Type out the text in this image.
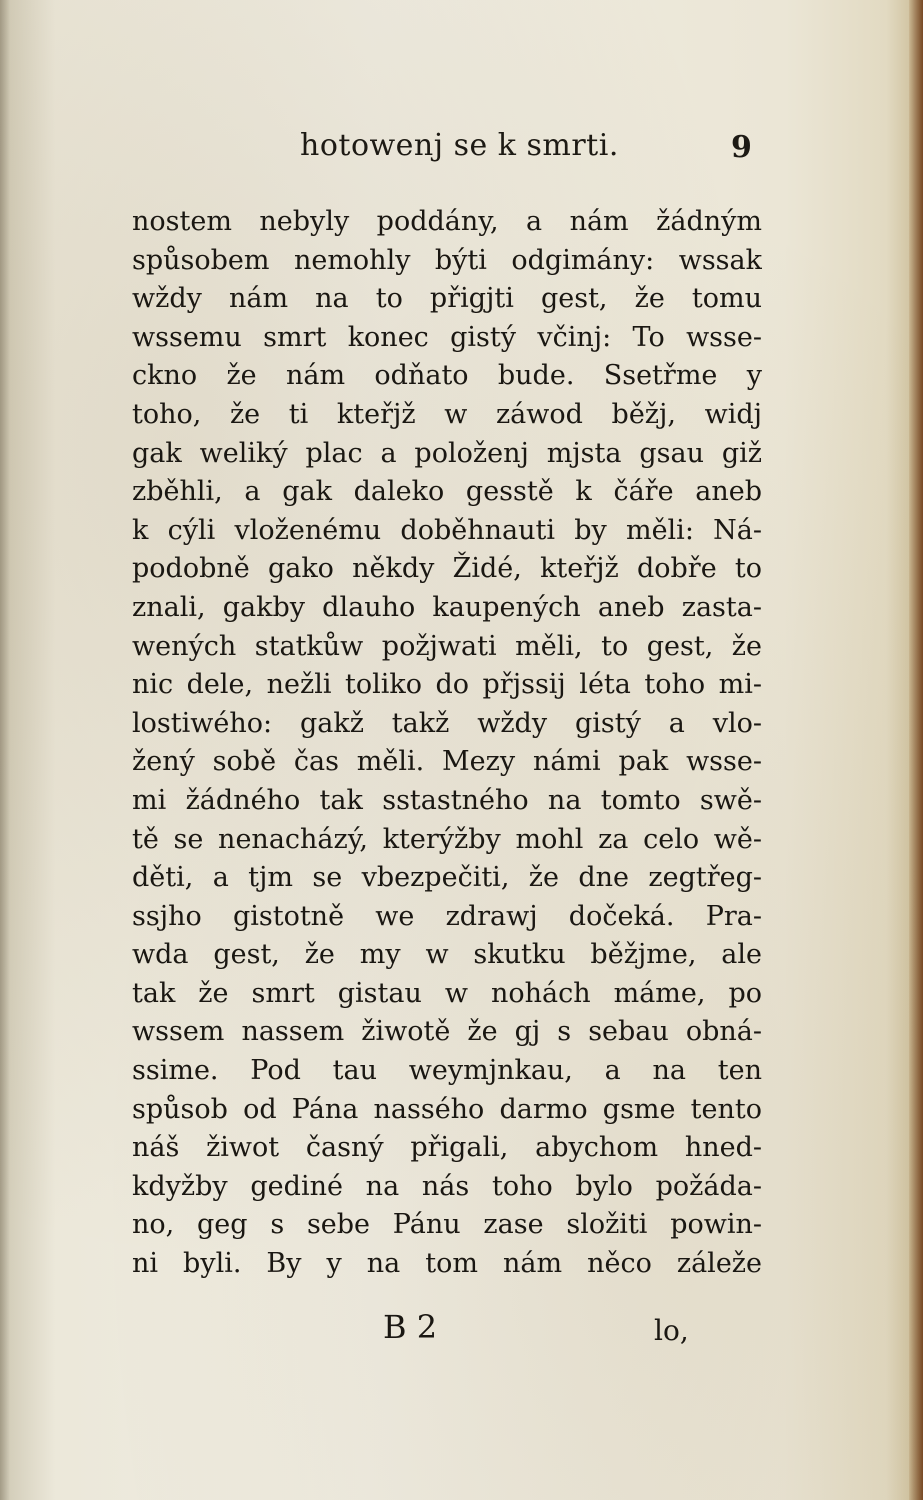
hotowenj se k smrti.	9
nostem nebyly poddány, a nám žádným
spůsobem nemohly býti odgimány: wssak
wždy nám na to přigjti gest, že tomu
wssemu smrt konec gistý včinj: To wsse-
ckno že nám odňato bude. Ssetřme y
toho, že ti kteřjž w záwod běžj, widj
gak weliký plac a položenj mjsta gsau giž
zběhli, a gak daleko gesstě k čáře aneb
k cýli vloženému doběhnauti by měli: Ná-
podobně gako někdy Židé, kteřjž dobře to
znali, gakby dlauho kaupených aneb zasta-
wených statkůw požjwati měli, to gest, že
nic dele, nežli toliko do přjssij léta toho mi-
lostiwého: gakž takž wždy gistý a vlo-
žený sobě čas měli. Mezy námi pak wsse-
mi žádného tak sstastného na tomto swě-
tě se nenacházý, kterýžby mohl za celo wě-
děti, a tjm se vbezpečiti, že dne zegtřeg-
ssjho gistotně we zdrawj dočeká. Pra-
wda gest, že my w skutku běžjme, ale
tak že smrt gistau w nohách máme, po
wssem nassem žiwotě že gj s sebau obná-
ssime. Pod tau weymjnkau, a na ten
spůsob od Pána nassého darmo gsme tento
náš žiwot časný přigali, abychom hned-
kdyžby gediné na nás toho bylo požáda-
no, geg s sebe Pánu zase složiti powin-
ni byli. By y na tom nám něco záleže
B 2	lo,
